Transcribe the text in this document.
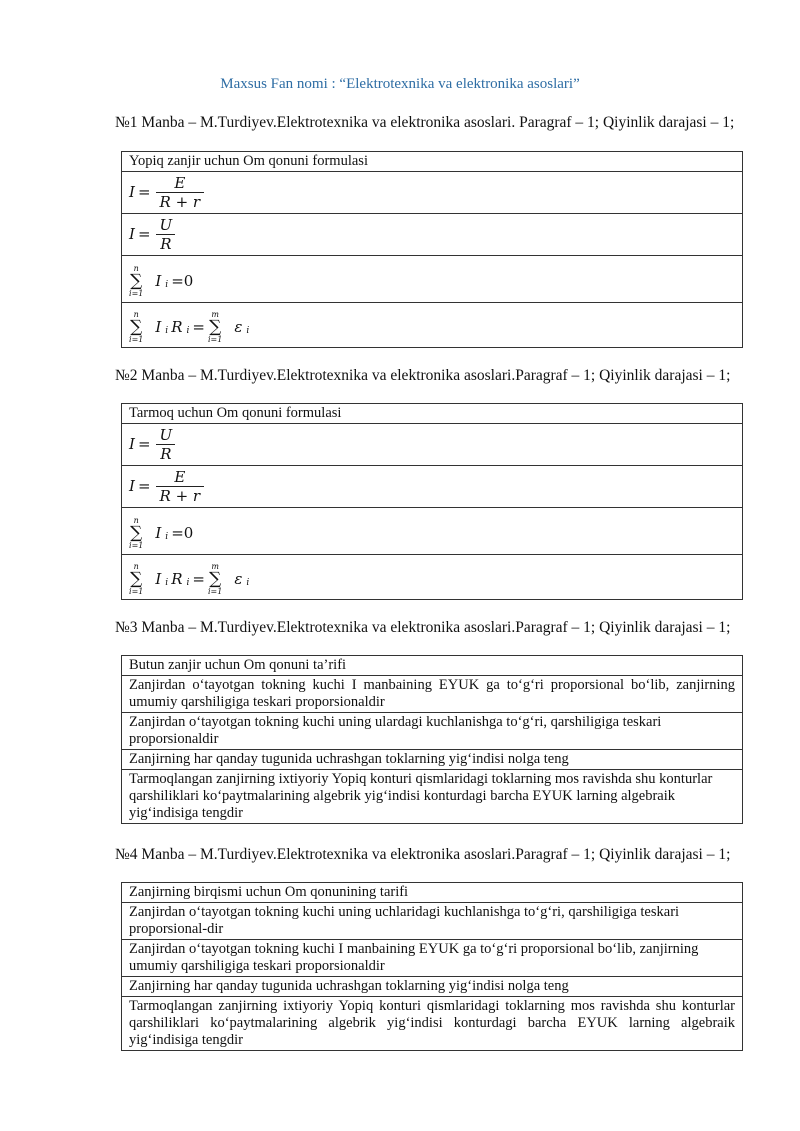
Maxsus Fan nomi : “Elektrotexnika va elektronika asoslari”
№1 Manba – M.Turdiyev.Elektrotexnika va elektronika asoslari. Paragraf – 1; Qiyinlik darajasi – 1;
Yopiq zanjir uchun Om qonuni formulasi
$I = \frac{E}{R + r}$

$I = \frac{U}{R}$

n
∑
i=1
I i =0

n
∑
i=1
I i R i =
m
∑
i=1
ε i
№2 Manba – M.Turdiyev.Elektrotexnika va elektronika asoslari.Paragraf – 1; Qiyinlik darajasi – 1;
Tarmoq uchun Om qonuni formulasi
$I = \frac{U}{R}$

$I = \frac{E}{R + r}$

n
∑
i=1
I i =0

n
∑
i=1
I i R i =
m
∑
i=1
ε i
№3 Manba – M.Turdiyev.Elektrotexnika va elektronika asoslari.Paragraf – 1; Qiyinlik darajasi – 1;
Butun zanjir uchun Om qonuni ta’rifi
Zanjirdan o‘tayotgan tokning kuchi I manbaining EYUK ga to‘g‘ri proporsional bo‘lib, zanjirning umumiy qarshiligiga teskari proporsionaldir
Zanjirdan o‘tayotgan tokning kuchi uning ulardagi kuchlanishga to‘g‘ri, qarshiligiga teskari proporsionaldir
Zanjirning har qanday tugunida uchrashgan toklarning yig‘indisi nolga teng
Tarmoqlangan zanjirning ixtiyoriy Yopiq konturi qismlaridagi toklarning mos ravishda shu konturlar qarshiliklari ko‘paytmalarining algebrik yig‘indisi konturdagi barcha EYUK larning algebraik yig‘indisiga tengdir
№4 Manba – M.Turdiyev.Elektrotexnika va elektronika asoslari.Paragraf – 1; Qiyinlik darajasi – 1;
Zanjirning birqismi uchun Om qonunining tarifi
Zanjirdan o‘tayotgan tokning kuchi uning uchlaridagi kuchlanishga to‘g‘ri, qarshiligiga teskari proporsional-dir
Zanjirdan o‘tayotgan tokning kuchi I manbaining EYUK ga to‘g‘ri proporsional bo‘lib, zanjirning umumiy qarshiligiga teskari proporsionaldir
Zanjirning har qanday tugunida uchrashgan toklarning yig‘indisi nolga teng
Tarmoqlangan zanjirning ixtiyoriy Yopiq konturi qismlaridagi toklarning mos ravishda shu konturlar qarshiliklari ko‘paytmalarining algebrik yig‘indisi konturdagi barcha EYUK larning algebraik yig‘indisiga tengdir
